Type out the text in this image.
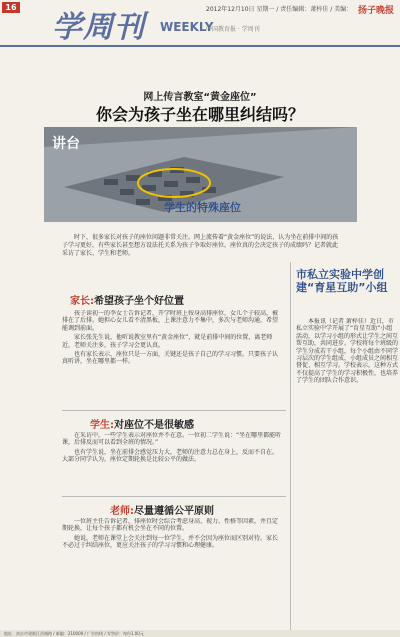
16
学周刊 WEEKLY
2012年12月10日 星期一 / 责任编辑：萧梓佳 / 美编：
中国教育报 · 学周刊
扬子晚报
网上传言教室“黄金座位”
你会为孩子坐在哪里纠结吗？
讲台
学生的特殊座位
时下，很多家长对孩子的座位问题非常关注。网上流传着“黄金座位”的说法，认为坐在前排中间的孩子学习更好，有些家长甚至想方设法托关系为孩子争取好座位。座位真的会决定孩子的成绩吗？记者就此采访了家长、学生和老师。
家长:希望孩子坐个好位置

孩子读初一的李女士告诉记者，开学时班上按身高排座位，女儿个子较高，被排在了后排。她担心女儿看不清黑板，上课注意力不集中，多次与老师沟通，希望能调到前面。

家长张先生说，他听说教室里有“黄金座位”，就是前排中间的位置，离老师近，老师关注多，孩子学习会更认真。

也有家长表示，座位只是一方面，关键还是孩子自己的学习习惯。只要孩子认真听讲，坐在哪里都一样。

学生:对座位不是很敏感

在采访中，一些学生表示对座位并不在意。一位初二学生说：“坐在哪里都能听课，后排反而可以看到全班的情况。”

也有学生说，坐在前排会感觉压力大，老师的注意力总在身上，反而不自在。大部分同学认为，座位定期轮换是比较公平的做法。

老师:尽量遵循公平原则

一位班主任告诉记者，排座位时会综合考虑身高、视力、性格等因素，并且定期轮换，让每个孩子都有机会坐在不同的位置。

她说，老师在课堂上会关注到每一位学生，并不会因为座位而区别对待。家长不必过于纠结座位，更应关注孩子的学习习惯和心理健康。

市私立实验中学创建“育星互助”小组
本报讯（记者 萧梓佳）近日，市私立实验中学开展了“育星互助”小组活动，以学习小组的形式让学生之间互帮互助，共同进步。学校将每个班级的学生分成若干小组，每个小组由不同学习层次的学生组成，小组成员之间相互督促、相互学习。学校表示，这种方式不仅提高了学生的学习积极性，也培养了学生的团队合作意识。
地址：南京市建邺区西城路 / 邮编：210000 / 广告热线 / 零售价：每份1.00元
